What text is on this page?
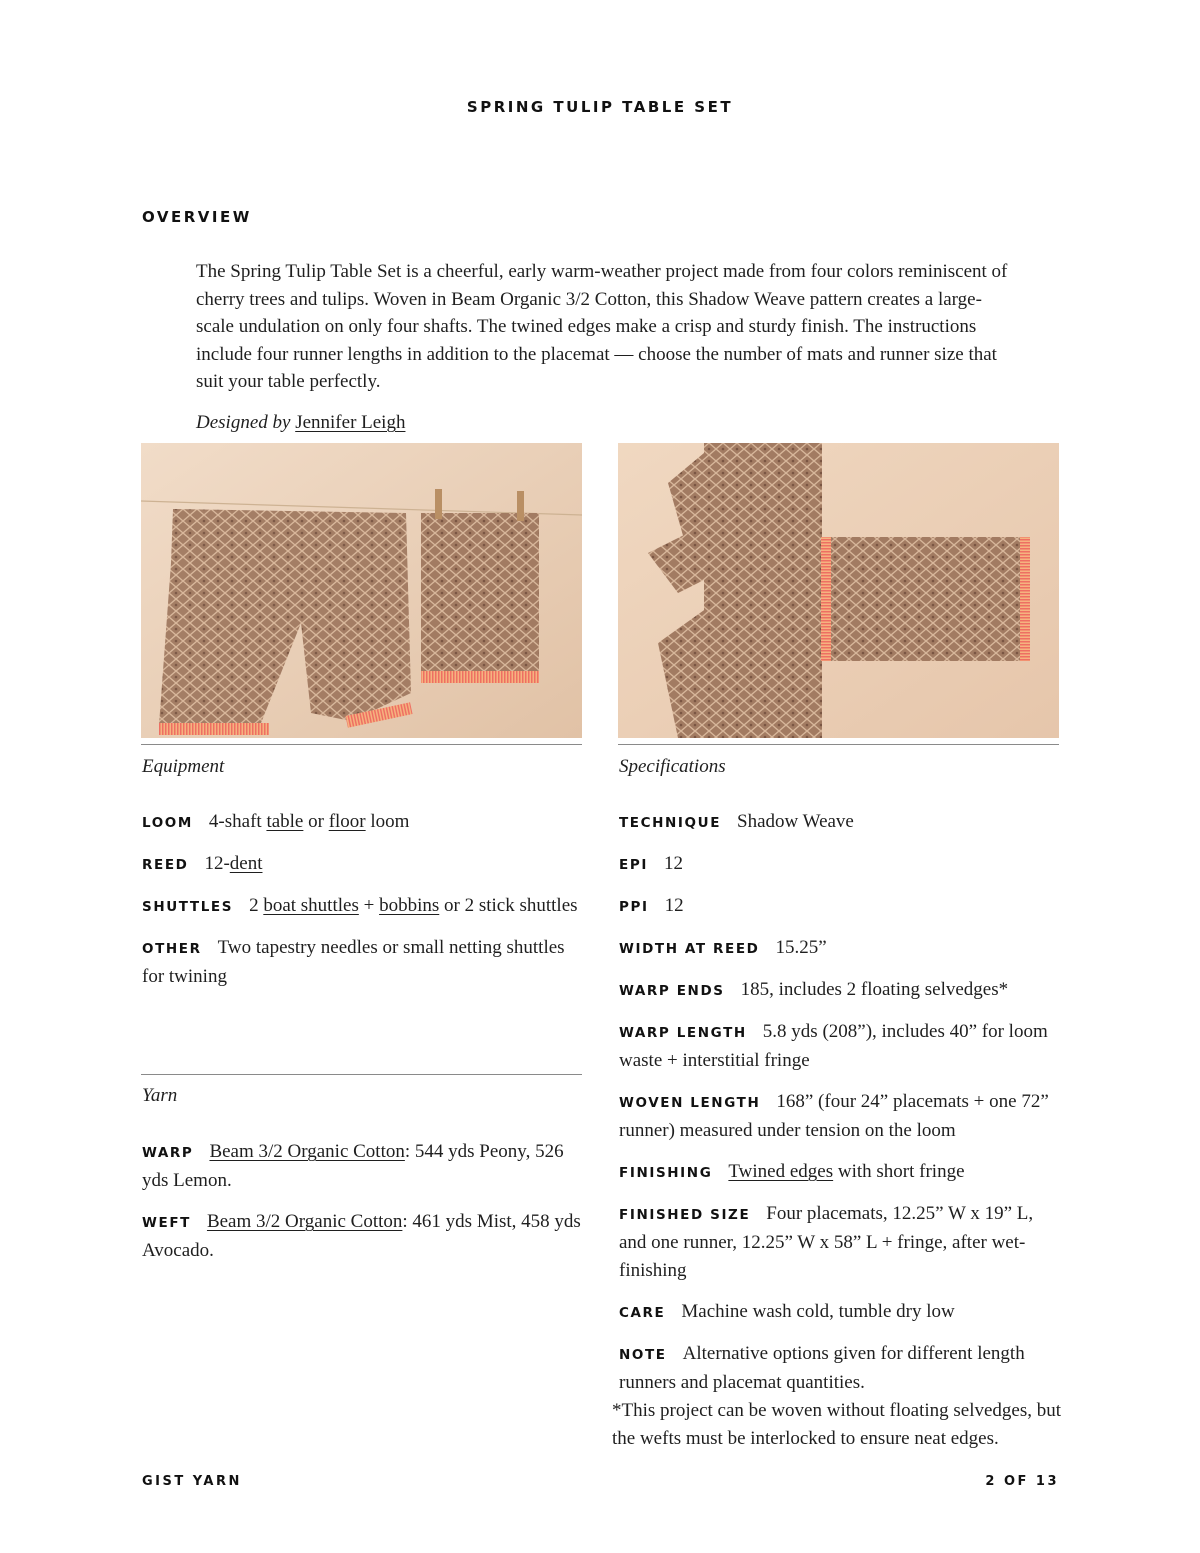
SPRING TULIP TABLE SET
OVERVIEW

The Spring Tulip Table Set is a cheerful, early warm-weather project made from four colors reminiscent of cherry trees and tulips. Woven in Beam Organic 3/2 Cotton, this Shadow Weave pattern creates a large-scale undulation on only four shafts. The twined edges make a crisp and sturdy finish. The instructions include four runner lengths in addition to the placemat — choose the number of mats and runner size that suit your table perfectly.

Designed by Jennifer Leigh

Equipment	Specifications

LOOM 4-shaft table or floor loom

REED 12-dent

SHUTTLES 2 boat shuttles + bobbins or 2 stick shuttles

OTHER Two tapestry needles or small netting shuttles for twining

Yarn

WARP Beam 3/2 Organic Cotton: 544 yds Peony, 526 yds Lemon.

WEFT Beam 3/2 Organic Cotton: 461 yds Mist, 458 yds Avocado.

TECHNIQUE Shadow Weave

EPI 12

PPI 12

WIDTH AT REED 15.25”

WARP ENDS 185, includes 2 floating selvedges*

WARP LENGTH 5.8 yds (208”), includes 40” for loom waste + interstitial fringe

WOVEN LENGTH 168” (four 24” placemats + one 72” runner) measured under tension on the loom

FINISHING Twined edges with short fringe

FINISHED SIZE Four placemats, 12.25” W x 19” L, and one runner, 12.25” W x 58” L + fringe, after wet-finishing

CARE Machine wash cold, tumble dry low

NOTE Alternative options given for different length runners and placemat quantities.

*This project can be woven without floating selvedges, but the wefts must be interlocked to ensure neat edges.

GIST YARN	2 OF 13
